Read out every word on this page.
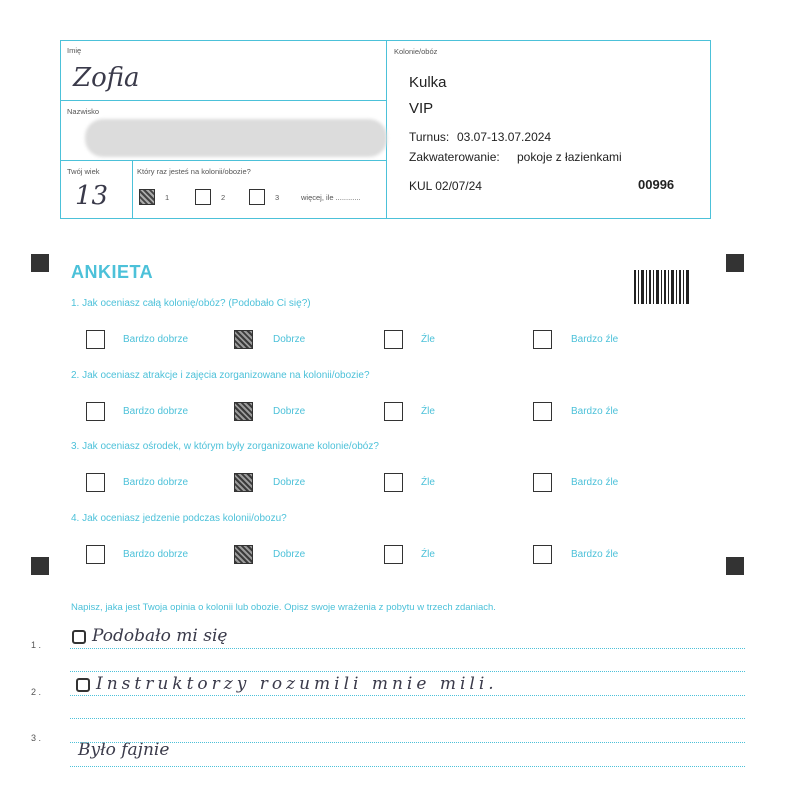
Imię
Zofia
Nazwisko
Twój wiek
13
Który raz jesteś na kolonii/obozie?
1	2	3	więcej, ile ............
Kolonie/obóz
Kulka
VIP
Turnus: 03.07-13.07.2024
Zakwaterowanie: pokoje z łazienkami
KUL 02/07/24	00996
ANKIETA
1. Jak oceniasz całą kolonię/obóz? (Podobało Ci się?)
Bardzo dobrze	Dobrze	Źle	Bardzo źle
2. Jak oceniasz atrakcje i zajęcia zorganizowane na kolonii/obozie?
Bardzo dobrze	Dobrze	Źle	Bardzo źle
3. Jak oceniasz ośrodek, w którym były zorganizowane kolonie/obóz?
Bardzo dobrze	Dobrze	Źle	Bardzo źle
4. Jak oceniasz jedzenie podczas kolonii/obozu?
Bardzo dobrze	Dobrze	Źle	Bardzo źle
Napisz, jaka jest Twoja opinia o kolonii lub obozie. Opisz swoje wrażenia z pobytu w trzech zdaniach.
1 .
2 .
3 .
Podobało mi się
Instruktorzy rozumili mnie mili.
Było fajnie
